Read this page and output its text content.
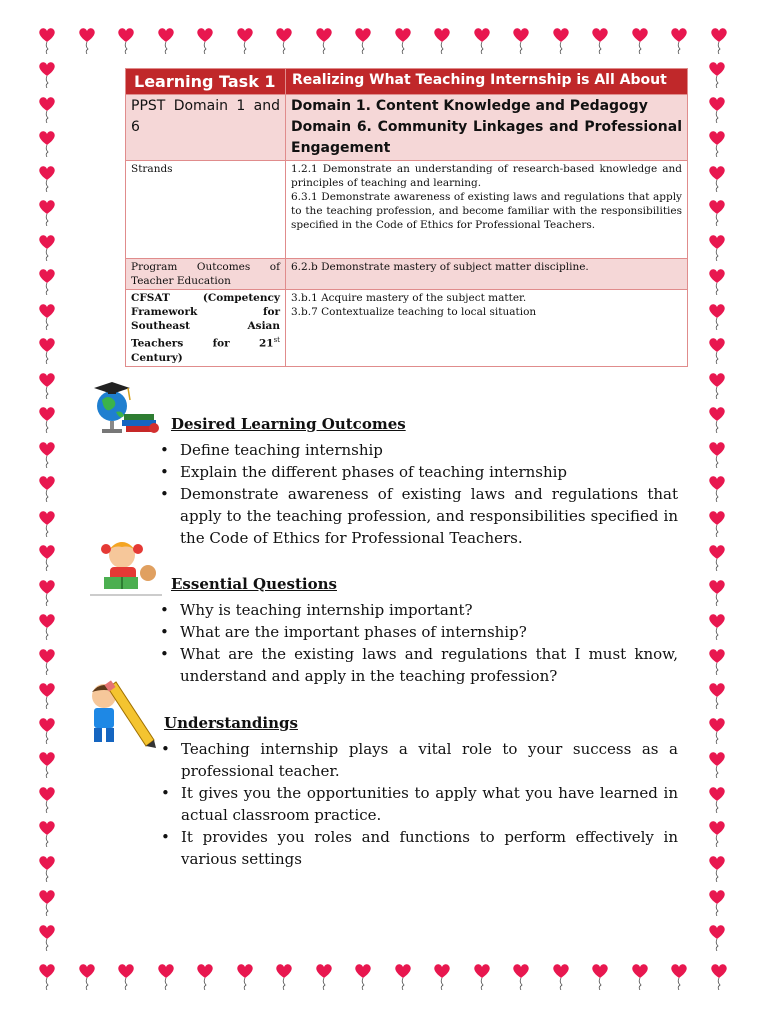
Learning Task 1	Realizing What Teaching Internship is All About
PPST Domain 1 and 6	Domain 1. Content Knowledge and Pedagogy
Domain 6. Community Linkages and Professional Engagement

Strands	1.2.1 Demonstrate an understanding of research-based knowledge and principles of teaching and learning.
6.3.1 Demonstrate awareness of existing laws and regulations that apply to the teaching profession, and become familiar with the responsibilities specified in the Code of Ethics for Professional Teachers.

Program Outcomes of Teacher Education	6.2.b Demonstrate mastery of subject matter discipline.
CFSAT (Competency Framework for Southeast Asian Teachers for 21st Century)	3.b.1 Acquire mastery of the subject matter.
3.b.7 Contextualize teaching to local situation
Desired Learning Outcomes
• Define teaching internship
• Explain the different phases of teaching internship
• Demonstrate awareness of existing laws and regulations that apply to the teaching profession, and responsibilities specified in the Code of Ethics for Professional Teachers.
Essential Questions
• Why is teaching internship important?
• What are the important phases of internship?
• What are the existing laws and regulations that I must know, understand and apply in the teaching profession?
Understandings
• Teaching internship plays a vital role to your success as a professional teacher.
• It gives you the opportunities to apply what you have learned in actual classroom practice.
• It provides you roles and functions to perform effectively in various settings
